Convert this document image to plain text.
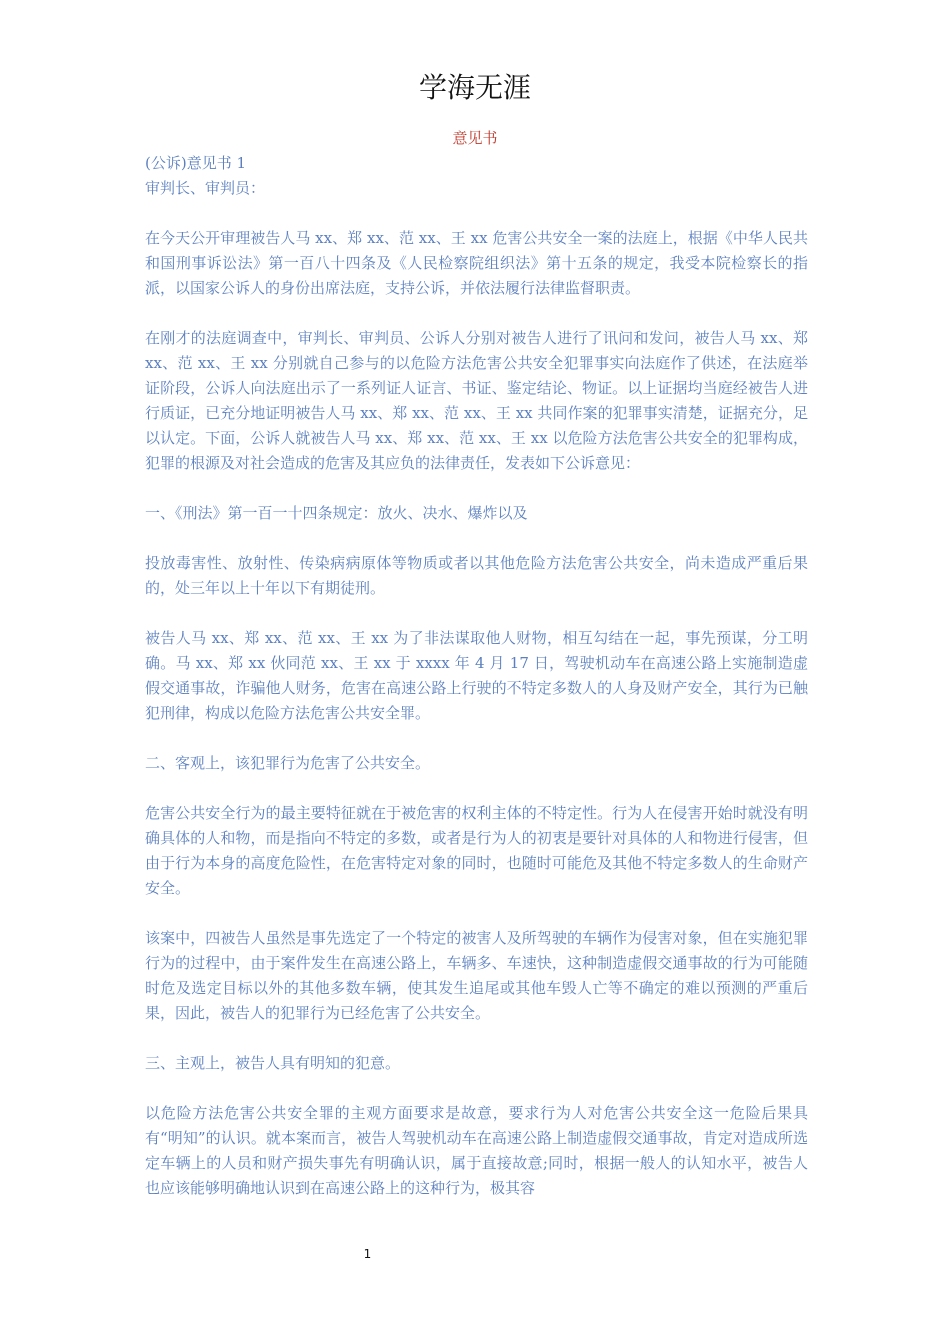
学海无涯
意见书

(公诉)意见书 1

审判长、审判员：

在今天公开审理被告人马 xx、郑 xx、范 xx、王 xx 危害公共安全一案的法庭上，根据《中华人民共和国刑事诉讼法》第一百八十四条及《人民检察院组织法》第十五条的规定，我受本院检察长的指派，以国家公诉人的身份出席法庭，支持公诉，并依法履行法律监督职责。

在刚才的法庭调查中，审判长、审判员、公诉人分别对被告人进行了讯问和发问，被告人马 xx、郑 xx、范 xx、王 xx 分别就自己参与的以危险方法危害公共安全犯罪事实向法庭作了供述，在法庭举证阶段，公诉人向法庭出示了一系列证人证言、书证、鉴定结论、物证。以上证据均当庭经被告人进行质证，已充分地证明被告人马 xx、郑 xx、范 xx、王 xx 共同作案的犯罪事实清楚，证据充分，足以认定。下面，公诉人就被告人马 xx、郑 xx、范 xx、王 xx 以危险方法危害公共安全的犯罪构成，犯罪的根源及对社会造成的危害及其应负的法律责任，发表如下公诉意见：

一、《刑法》第一百一十四条规定：放火、决水、爆炸以及

投放毒害性、放射性、传染病病原体等物质或者以其他危险方法危害公共安全，尚未造成严重后果的，处三年以上十年以下有期徒刑。

被告人马 xx、郑 xx、范 xx、王 xx 为了非法谋取他人财物，相互勾结在一起，事先预谋，分工明确。马 xx、郑 xx 伙同范 xx、王 xx 于 xxxx 年 4 月 17 日，驾驶机动车在高速公路上实施制造虚假交通事故，诈骗他人财务，危害在高速公路上行驶的不特定多数人的人身及财产安全，其行为已触犯刑律，构成以危险方法危害公共安全罪。

二、客观上，该犯罪行为危害了公共安全。

危害公共安全行为的最主要特征就在于被危害的权利主体的不特定性。行为人在侵害开始时就没有明确具体的人和物，而是指向不特定的多数，或者是行为人的初衷是要针对具体的人和物进行侵害，但由于行为本身的高度危险性，在危害特定对象的同时，也随时可能危及其他不特定多数人的生命财产安全。

该案中，四被告人虽然是事先选定了一个特定的被害人及所驾驶的车辆作为侵害对象，但在实施犯罪行为的过程中，由于案件发生在高速公路上，车辆多、车速快，这种制造虚假交通事故的行为可能随时危及选定目标以外的其他多数车辆，使其发生追尾或其他车毁人亡等不确定的难以预测的严重后果，因此，被告人的犯罪行为已经危害了公共安全。

三、主观上，被告人具有明知的犯意。

以危险方法危害公共安全罪的主观方面要求是故意，要求行为人对危害公共安全这一危险后果具有“明知”的认识。就本案而言，被告人驾驶机动车在高速公路上制造虚假交通事故，肯定对造成所选定车辆上的人员和财产损失事先有明确认识，属于直接故意;同时，根据一般人的认知水平，被告人也应该能够明确地认识到在高速公路上的这种行为，极其容

1
